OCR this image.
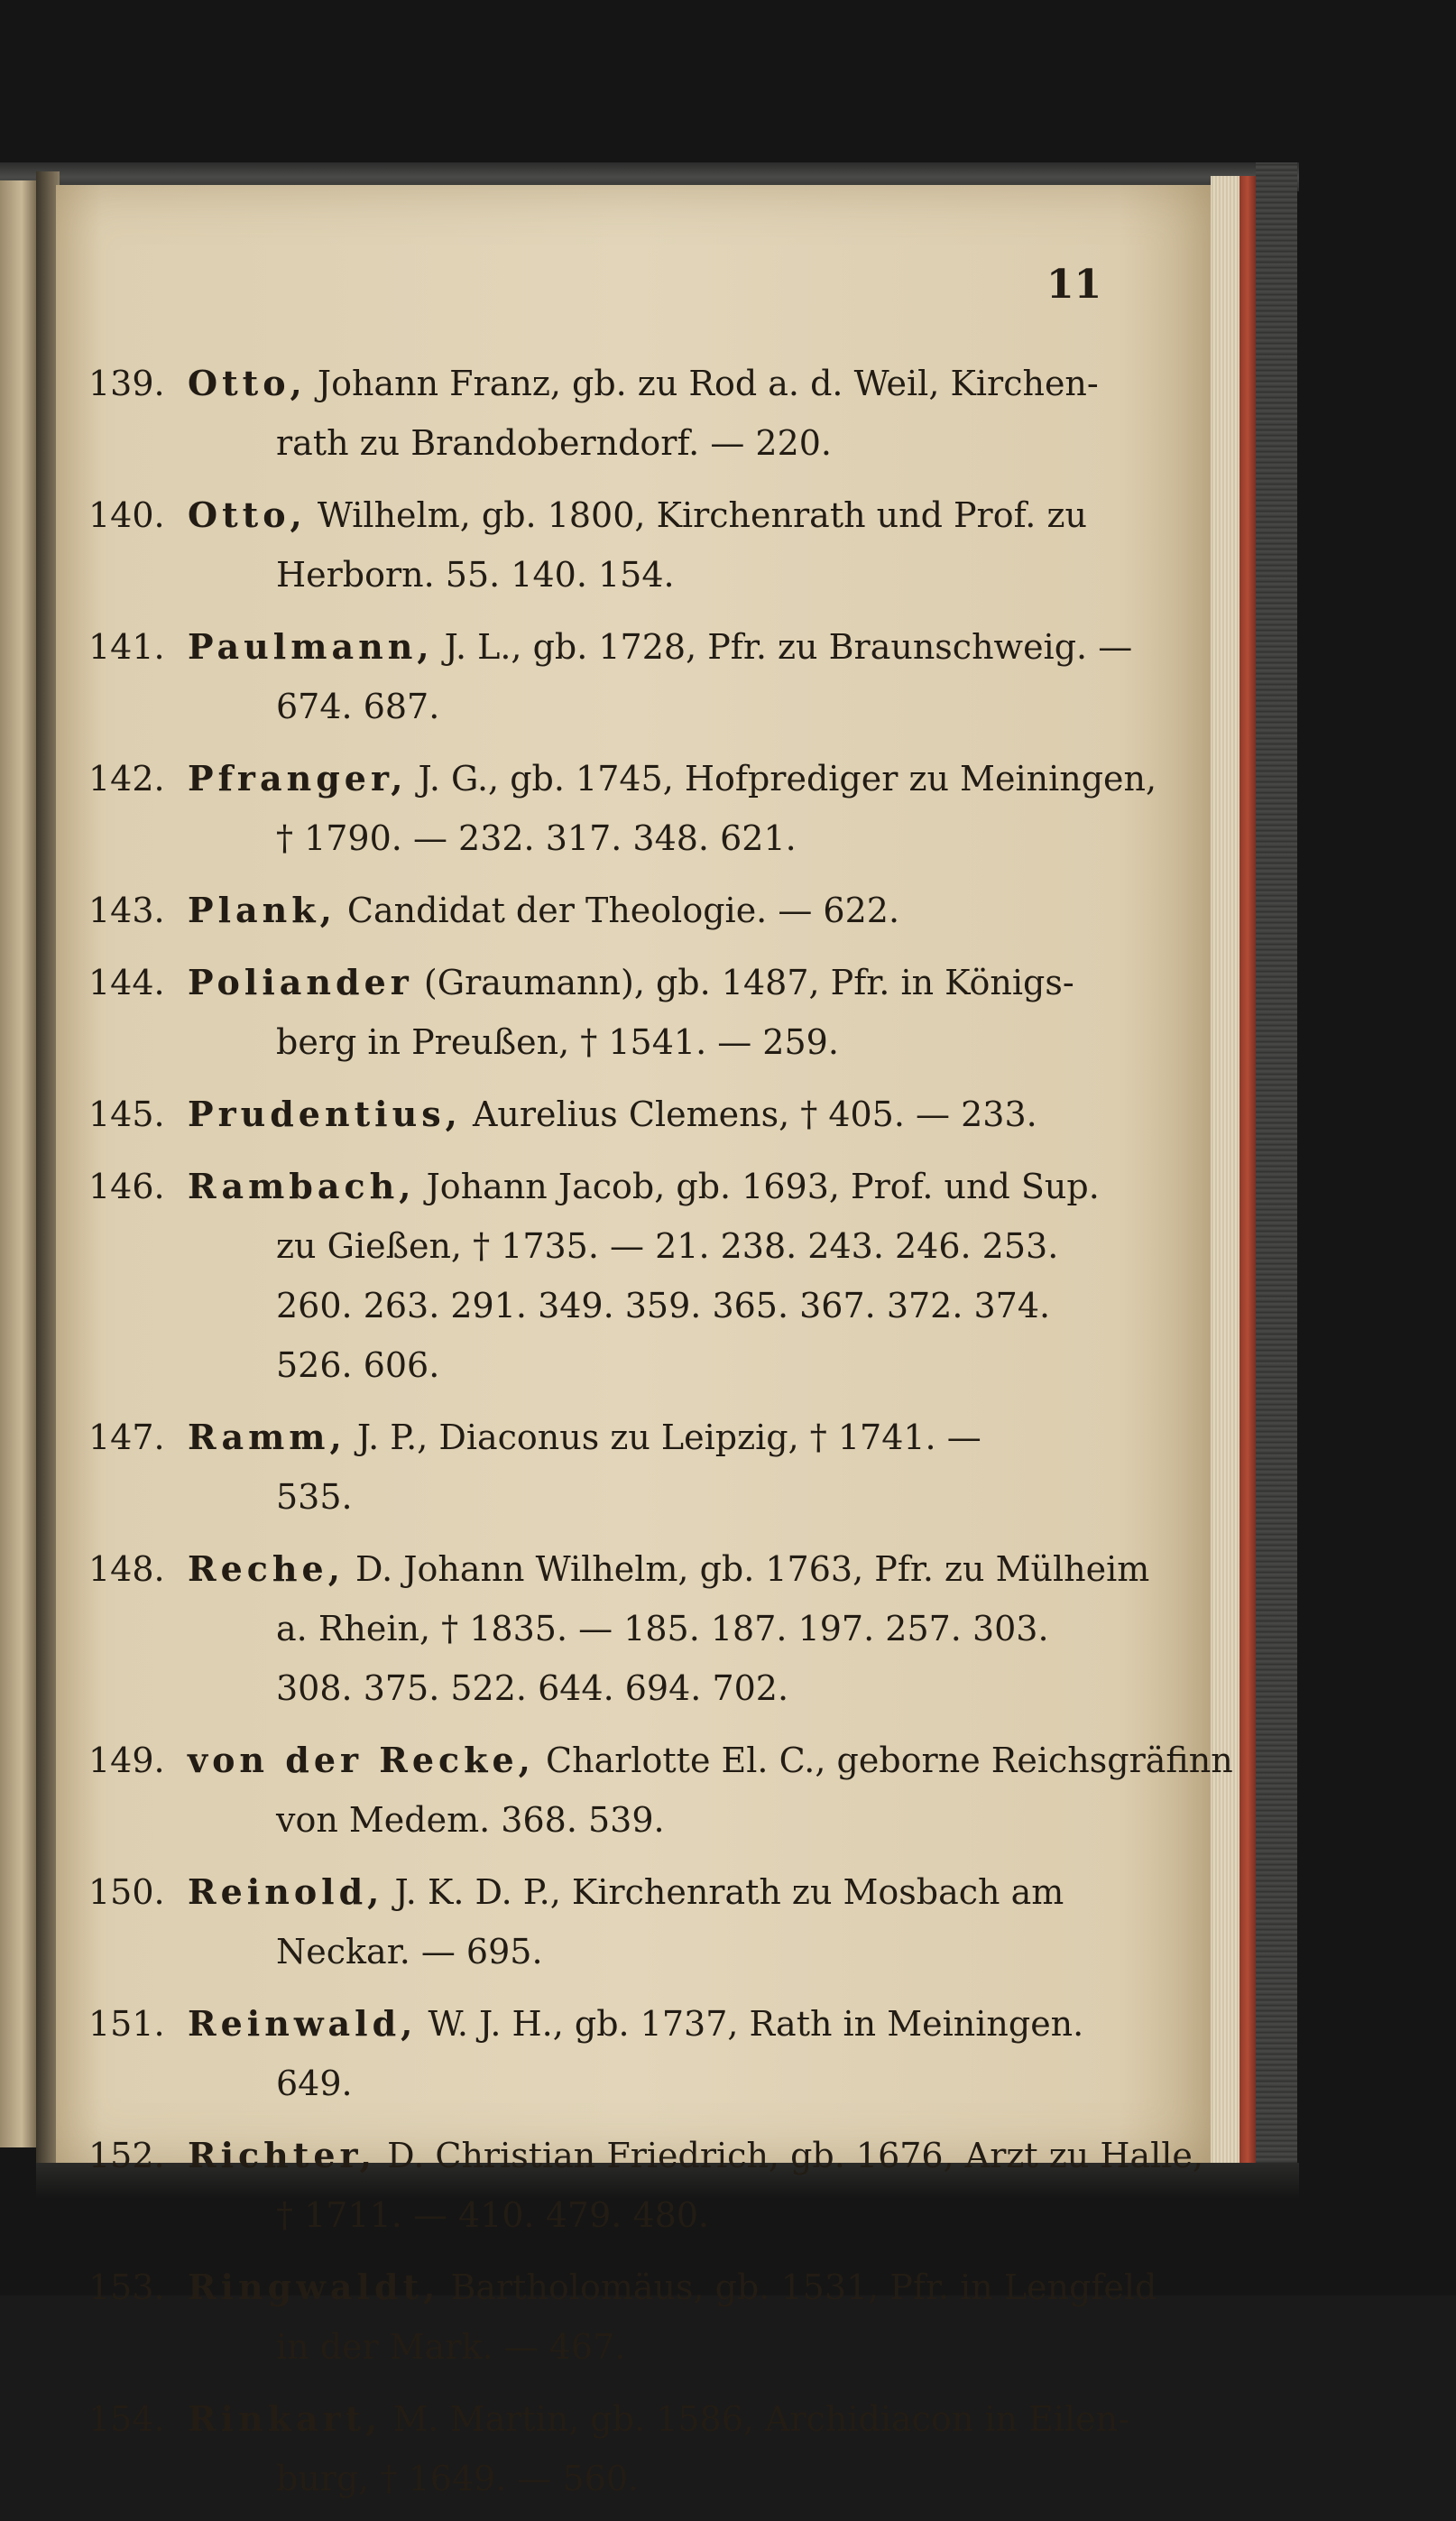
11
139. Otto, Johann Franz, gb. zu Rod a. d. Weil, Kirchen-
rath zu Brandoberndorf. — 220.
140. Otto, Wilhelm, gb. 1800, Kirchenrath und Prof. zu
Herborn. 55. 140. 154.
141. Paulmann, J. L., gb. 1728, Pfr. zu Braunschweig. —
674. 687.
142. Pfranger, J. G., gb. 1745, Hofprediger zu Meiningen,
† 1790. — 232. 317. 348. 621.
143. Plank, Candidat der Theologie. — 622.
144. Poliander (Graumann), gb. 1487, Pfr. in Königs-
berg in Preußen, † 1541. — 259.
145. Prudentius, Aurelius Clemens, † 405. — 233.
146. Rambach, Johann Jacob, gb. 1693, Prof. und Sup.
zu Gießen, † 1735. — 21. 238. 243. 246. 253.
260. 263. 291. 349. 359. 365. 367. 372. 374.
526. 606.
147. Ramm, J. P., Diaconus zu Leipzig, † 1741. —
535.
148. Reche, D. Johann Wilhelm, gb. 1763, Pfr. zu Mülheim
a. Rhein, † 1835. — 185. 187. 197. 257. 303.
308. 375. 522. 644. 694. 702.
149. von der Recke, Charlotte El. C., geborne Reichsgräfinn
von Medem. 368. 539.
150. Reinold, J. K. D. P., Kirchenrath zu Mosbach am
Neckar. — 695.
151. Reinwald, W. J. H., gb. 1737, Rath in Meiningen.
649.
152. Richter, D. Christian Friedrich, gb. 1676, Arzt zu Halle,
† 1711. — 410. 479. 480.
153. Ringwaldt, Bartholomäus, gb. 1531, Pfr. in Lengfeld
in der Mark. — 467.
154. Rinkart, M. Martin, gb. 1586, Archidiacon in Eilen-
burg, † 1649. — 560.
